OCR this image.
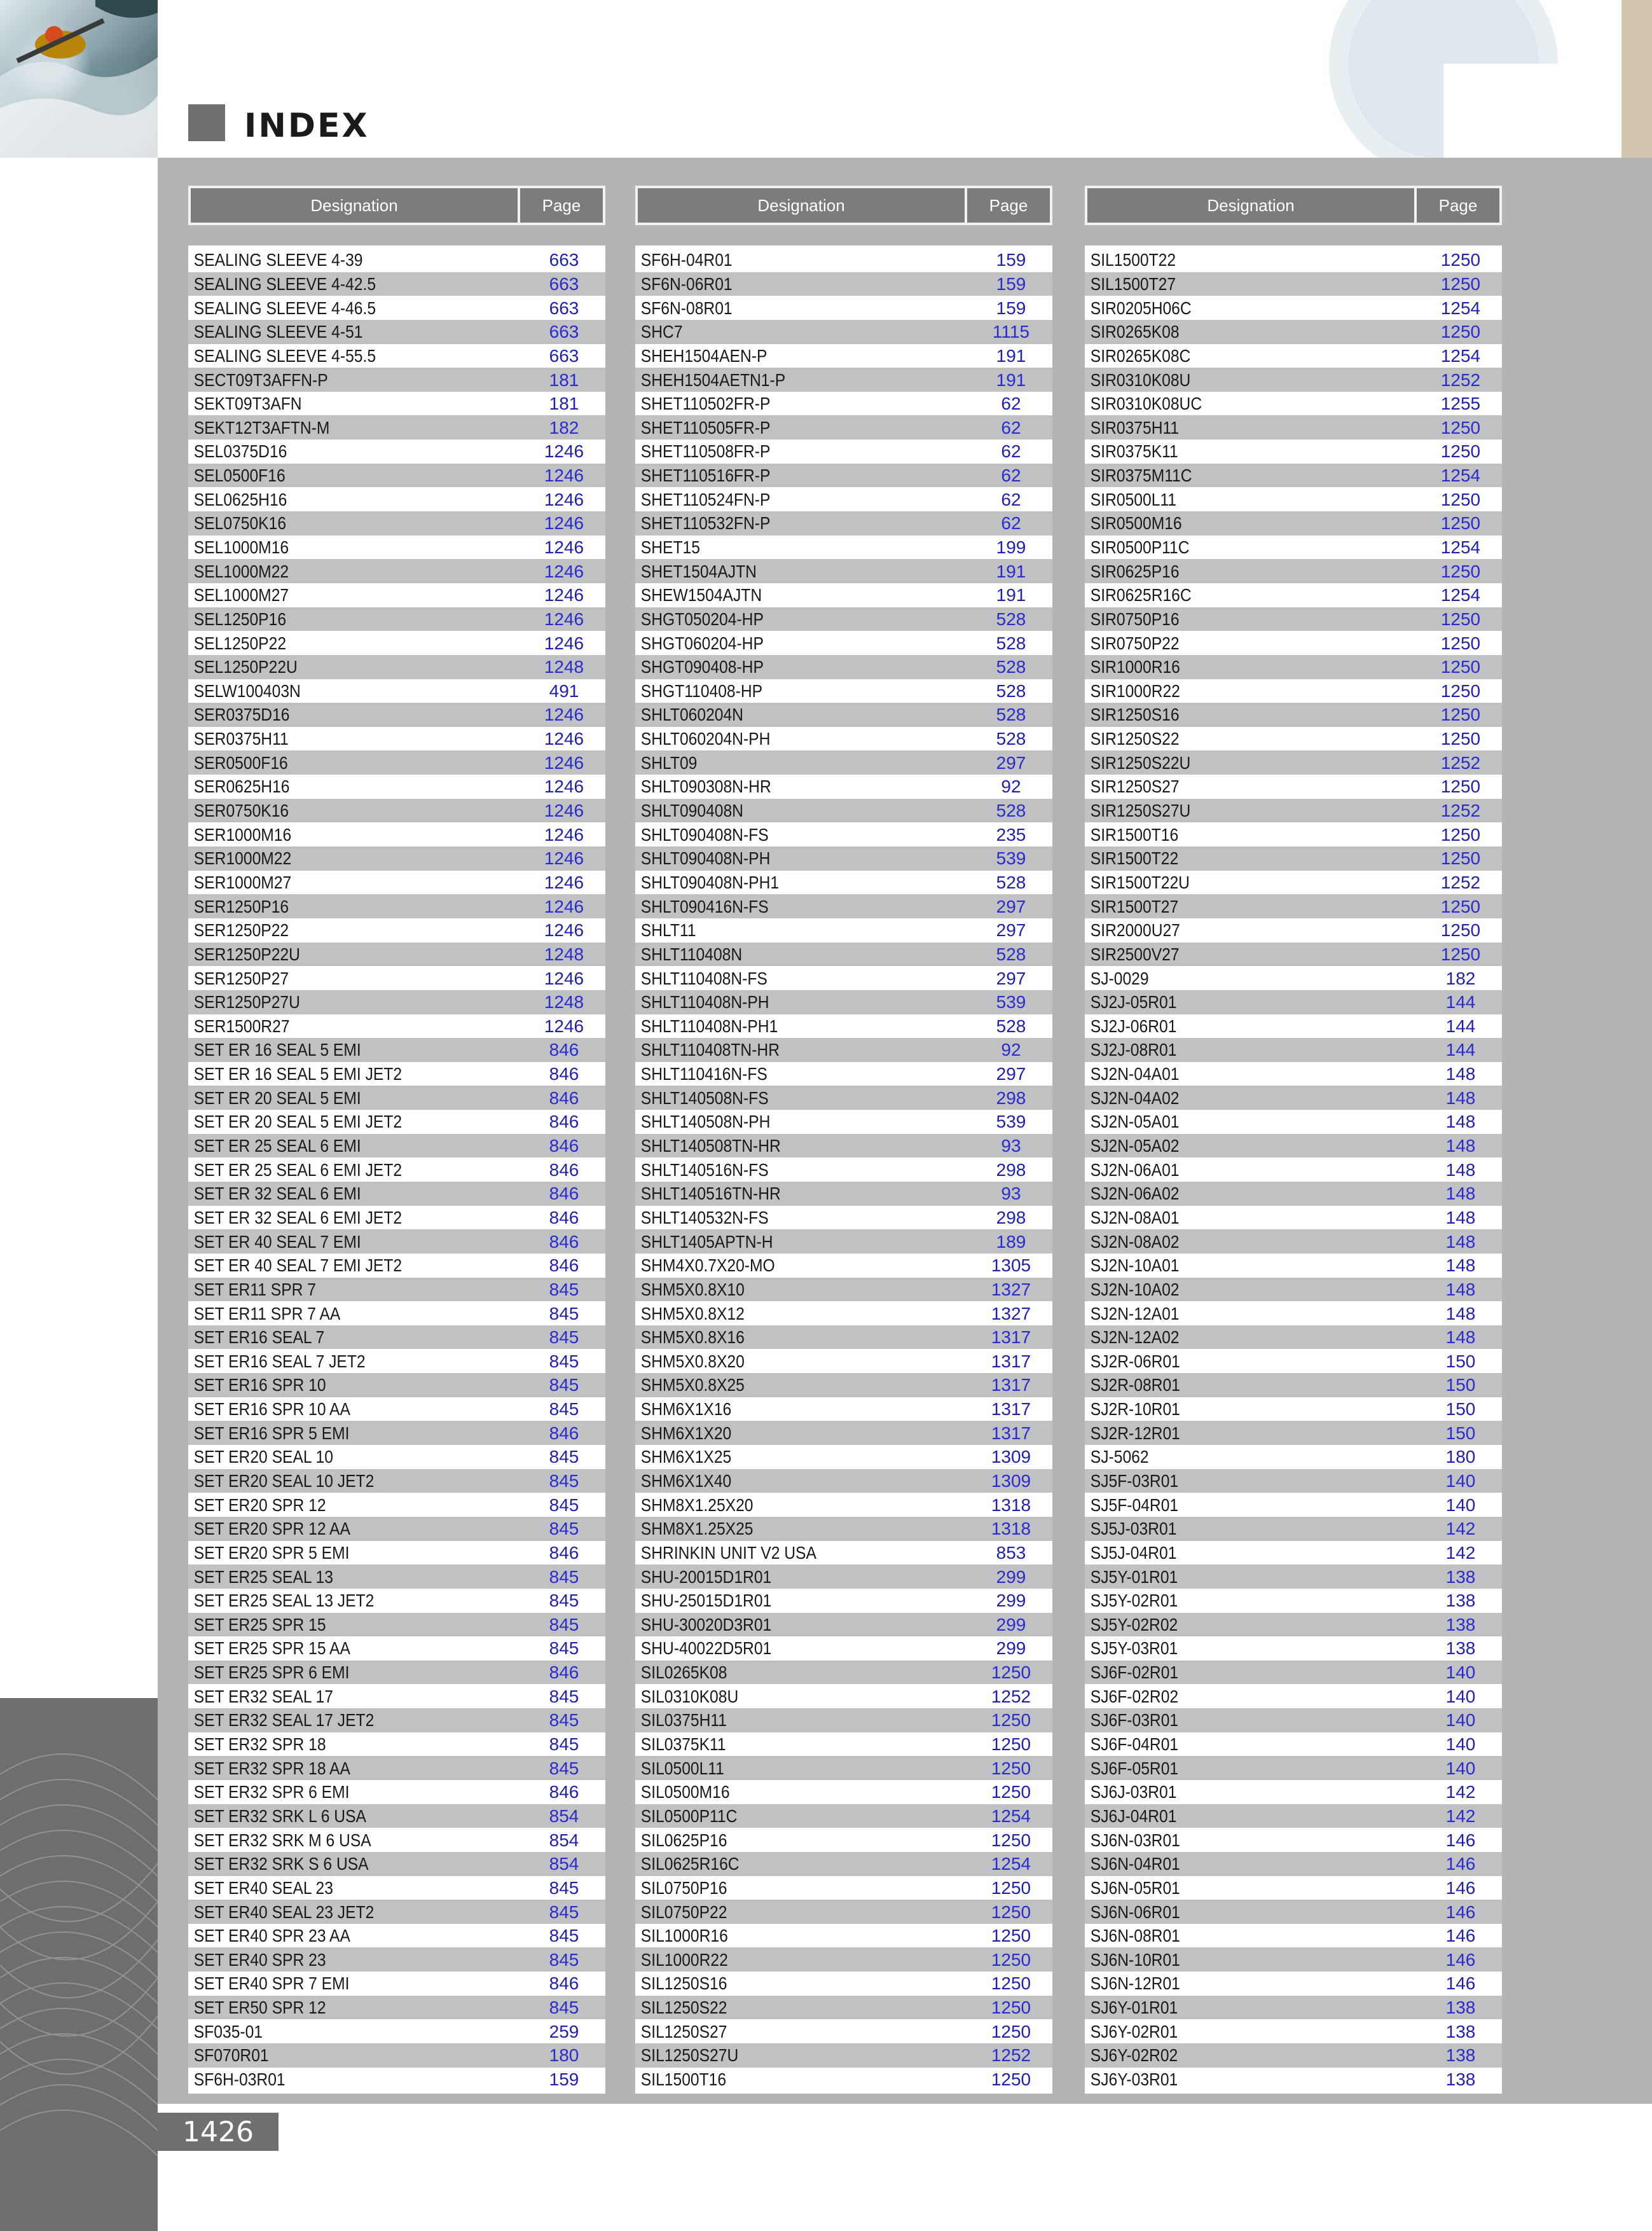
INDEX
Designation	Page
SEALING SLEEVE 4-39	663
SEALING SLEEVE 4-42.5	663
SEALING SLEEVE 4-46.5	663
SEALING SLEEVE 4-51	663
SEALING SLEEVE 4-55.5	663
SECT09T3AFFN-P	181
SEKT09T3AFN	181
SEKT12T3AFTN-M	182
SEL0375D16	1246
SEL0500F16	1246
SEL0625H16	1246
SEL0750K16	1246
SEL1000M16	1246
SEL1000M22	1246
SEL1000M27	1246
SEL1250P16	1246
SEL1250P22	1246
SEL1250P22U	1248
SELW100403N	491
SER0375D16	1246
SER0375H11	1246
SER0500F16	1246
SER0625H16	1246
SER0750K16	1246
SER1000M16	1246
SER1000M22	1246
SER1000M27	1246
SER1250P16	1246
SER1250P22	1246
SER1250P22U	1248
SER1250P27	1246
SER1250P27U	1248
SER1500R27	1246
SET ER 16 SEAL 5 EMI	846
SET ER 16 SEAL 5 EMI JET2	846
SET ER 20 SEAL 5 EMI	846
SET ER 20 SEAL 5 EMI JET2	846
SET ER 25 SEAL 6 EMI	846
SET ER 25 SEAL 6 EMI JET2	846
SET ER 32 SEAL 6 EMI	846
SET ER 32 SEAL 6 EMI JET2	846
SET ER 40 SEAL 7 EMI	846
SET ER 40 SEAL 7 EMI JET2	846
SET ER11 SPR 7	845
SET ER11 SPR 7 AA	845
SET ER16 SEAL 7	845
SET ER16 SEAL 7 JET2	845
SET ER16 SPR 10	845
SET ER16 SPR 10 AA	845
SET ER16 SPR 5 EMI	846
SET ER20 SEAL 10	845
SET ER20 SEAL 10 JET2	845
SET ER20 SPR 12	845
SET ER20 SPR 12 AA	845
SET ER20 SPR 5 EMI	846
SET ER25 SEAL 13	845
SET ER25 SEAL 13 JET2	845
SET ER25 SPR 15	845
SET ER25 SPR 15 AA	845
SET ER25 SPR 6 EMI	846
SET ER32 SEAL 17	845
SET ER32 SEAL 17 JET2	845
SET ER32 SPR 18	845
SET ER32 SPR 18 AA	845
SET ER32 SPR 6 EMI	846
SET ER32 SRK L 6 USA	854
SET ER32 SRK M 6 USA	854
SET ER32 SRK S 6 USA	854
SET ER40 SEAL 23	845
SET ER40 SEAL 23 JET2	845
SET ER40 SPR 23 AA	845
SET ER40 SPR 23	845
SET ER40 SPR 7 EMI	846
SET ER50 SPR 12	845
SF035-01	259
SF070R01	180
SF6H-03R01	159
Designation	Page
SF6H-04R01	159
SF6N-06R01	159
SF6N-08R01	159
SHC7	1115
SHEH1504AEN-P	191
SHEH1504AETN1-P	191
SHET110502FR-P	62
SHET110505FR-P	62
SHET110508FR-P	62
SHET110516FR-P	62
SHET110524FN-P	62
SHET110532FN-P	62
SHET15	199
SHET1504AJTN	191
SHEW1504AJTN	191
SHGT050204-HP	528
SHGT060204-HP	528
SHGT090408-HP	528
SHGT110408-HP	528
SHLT060204N	528
SHLT060204N-PH	528
SHLT09	297
SHLT090308N-HR	92
SHLT090408N	528
SHLT090408N-FS	235
SHLT090408N-PH	539
SHLT090408N-PH1	528
SHLT090416N-FS	297
SHLT11	297
SHLT110408N	528
SHLT110408N-FS	297
SHLT110408N-PH	539
SHLT110408N-PH1	528
SHLT110408TN-HR	92
SHLT110416N-FS	297
SHLT140508N-FS	298
SHLT140508N-PH	539
SHLT140508TN-HR	93
SHLT140516N-FS	298
SHLT140516TN-HR	93
SHLT140532N-FS	298
SHLT1405APTN-H	189
SHM4X0.7X20-MO	1305
SHM5X0.8X10	1327
SHM5X0.8X12	1327
SHM5X0.8X16	1317
SHM5X0.8X20	1317
SHM5X0.8X25	1317
SHM6X1X16	1317
SHM6X1X20	1317
SHM6X1X25	1309
SHM6X1X40	1309
SHM8X1.25X20	1318
SHM8X1.25X25	1318
SHRINKIN UNIT V2 USA	853
SHU-20015D1R01	299
SHU-25015D1R01	299
SHU-30020D3R01	299
SHU-40022D5R01	299
SIL0265K08	1250
SIL0310K08U	1252
SIL0375H11	1250
SIL0375K11	1250
SIL0500L11	1250
SIL0500M16	1250
SIL0500P11C	1254
SIL0625P16	1250
SIL0625R16C	1254
SIL0750P16	1250
SIL0750P22	1250
SIL1000R16	1250
SIL1000R22	1250
SIL1250S16	1250
SIL1250S22	1250
SIL1250S27	1250
SIL1250S27U	1252
SIL1500T16	1250
Designation	Page
SIL1500T22	1250
SIL1500T27	1250
SIR0205H06C	1254
SIR0265K08	1250
SIR0265K08C	1254
SIR0310K08U	1252
SIR0310K08UC	1255
SIR0375H11	1250
SIR0375K11	1250
SIR0375M11C	1254
SIR0500L11	1250
SIR0500M16	1250
SIR0500P11C	1254
SIR0625P16	1250
SIR0625R16C	1254
SIR0750P16	1250
SIR0750P22	1250
SIR1000R16	1250
SIR1000R22	1250
SIR1250S16	1250
SIR1250S22	1250
SIR1250S22U	1252
SIR1250S27	1250
SIR1250S27U	1252
SIR1500T16	1250
SIR1500T22	1250
SIR1500T22U	1252
SIR1500T27	1250
SIR2000U27	1250
SIR2500V27	1250
SJ-0029	182
SJ2J-05R01	144
SJ2J-06R01	144
SJ2J-08R01	144
SJ2N-04A01	148
SJ2N-04A02	148
SJ2N-05A01	148
SJ2N-05A02	148
SJ2N-06A01	148
SJ2N-06A02	148
SJ2N-08A01	148
SJ2N-08A02	148
SJ2N-10A01	148
SJ2N-10A02	148
SJ2N-12A01	148
SJ2N-12A02	148
SJ2R-06R01	150
SJ2R-08R01	150
SJ2R-10R01	150
SJ2R-12R01	150
SJ-5062	180
SJ5F-03R01	140
SJ5F-04R01	140
SJ5J-03R01	142
SJ5J-04R01	142
SJ5Y-01R01	138
SJ5Y-02R01	138
SJ5Y-02R02	138
SJ5Y-03R01	138
SJ6F-02R01	140
SJ6F-02R02	140
SJ6F-03R01	140
SJ6F-04R01	140
SJ6F-05R01	140
SJ6J-03R01	142
SJ6J-04R01	142
SJ6N-03R01	146
SJ6N-04R01	146
SJ6N-05R01	146
SJ6N-06R01	146
SJ6N-08R01	146
SJ6N-10R01	146
SJ6N-12R01	146
SJ6Y-01R01	138
SJ6Y-02R01	138
SJ6Y-02R02	138
SJ6Y-03R01	138
1426
